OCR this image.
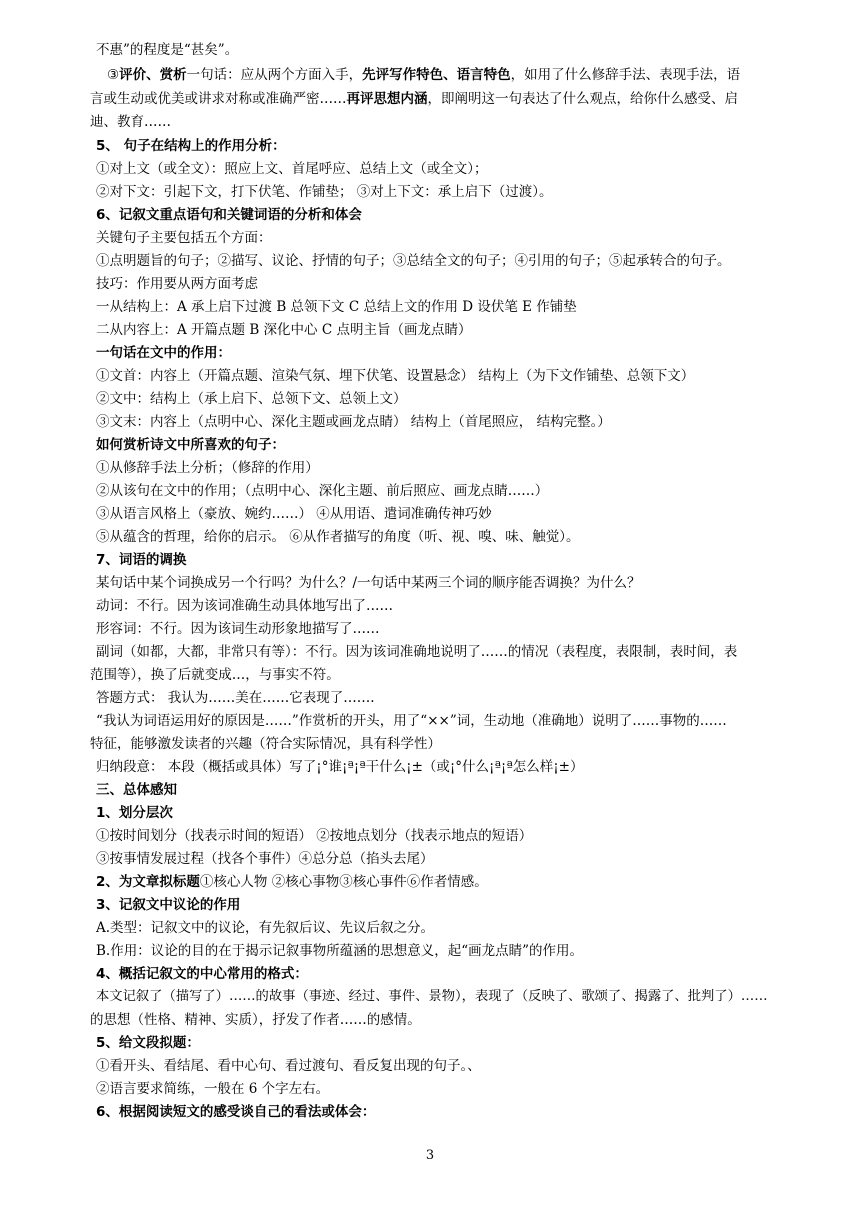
不惠”的程度是“甚矣”。
③评价、赏析一句话：应从两个方面入手，先评写作特色、语言特色，如用了什么修辞手法、表现手法，语
言或生动或优美或讲求对称或准确严密……再评思想内涵，即阐明这一句表达了什么观点，给你什么感受、启
迪、教育……
5、 句子在结构上的作用分析：
①对上文（或全文）：照应上文、首尾呼应、总结上文（或全文）；
②对下文：引起下文，打下伏笔、作铺垫； ③对上下文：承上启下（过渡）。
6、记叙文重点语句和关键词语的分析和体会
关键句子主要包括五个方面：
①点明题旨的句子；②描写、议论、抒情的句子；③总结全文的句子；④引用的句子；⑤起承转合的句子。
技巧：作用要从两方面考虑
一从结构上：A 承上启下过渡 B 总领下文 C 总结上文的作用 D 设伏笔 E 作铺垫
二从内容上：A 开篇点题 B 深化中心 C 点明主旨（画龙点睛）
一句话在文中的作用：
①文首：内容上（开篇点题、渲染气氛、埋下伏笔、设置悬念） 结构上（为下文作铺垫、总领下文）
②文中：结构上（承上启下、总领下文、总领上文）
③文末：内容上（点明中心、深化主题或画龙点睛） 结构上（首尾照应， 结构完整。）
如何赏析诗文中所喜欢的句子：
①从修辞手法上分析；（修辞的作用）
②从该句在文中的作用；（点明中心、深化主题、前后照应、画龙点睛……）
③从语言风格上（豪放、婉约……） ④从用语、遣词准确传神巧妙
⑤从蕴含的哲理，给你的启示。 ⑥从作者描写的角度（听、视、嗅、味、触觉）。
7、词语的调换
某句话中某个词换成另一个行吗？为什么？/一句话中某两三个词的顺序能否调换？为什么？
动词：不行。因为该词准确生动具体地写出了……
形容词：不行。因为该词生动形象地描写了……
副词（如都，大都，非常只有等）：不行。因为该词准确地说明了……的情况（表程度，表限制，表时间，表
范围等），换了后就变成…，与事实不符。
答题方式： 我认为……美在……它表现了…….
“我认为词语运用好的原因是……”作赏析的开头，用了“××”词，生动地（准确地）说明了……事物的……
特征，能够激发读者的兴趣（符合实际情况，具有科学性）
归纳段意： 本段（概括或具体）写了¡°谁¡ª¡ª干什么¡±（或¡°什么¡ª¡ª怎么样¡±）
三、总体感知
1、划分层次
①按时间划分（找表示时间的短语） ②按地点划分（找表示地点的短语）
③按事情发展过程（找各个事件）④总分总（掐头去尾）
2、为文章拟标题①核心人物 ②核心事物③核心事件⑥作者情感。
3、记叙文中议论的作用
A.类型：记叙文中的议论，有先叙后议、先议后叙之分。
B.作用：议论的目的在于揭示记叙事物所蕴涵的思想意义，起“画龙点睛”的作用。
4、概括记叙文的中心常用的格式：
本文记叙了（描写了）……的故事（事迹、经过、事件、景物），表现了（反映了、歌颂了、揭露了、批判了）……
的思想（性格、精神、实质），抒发了作者……的感情。
5、给文段拟题：
①看开头、看结尾、看中心句、看过渡句、看反复出现的句子。、
②语言要求简练，一般在 6 个字左右。
6、根据阅读短文的感受谈自己的看法或体会：
3
